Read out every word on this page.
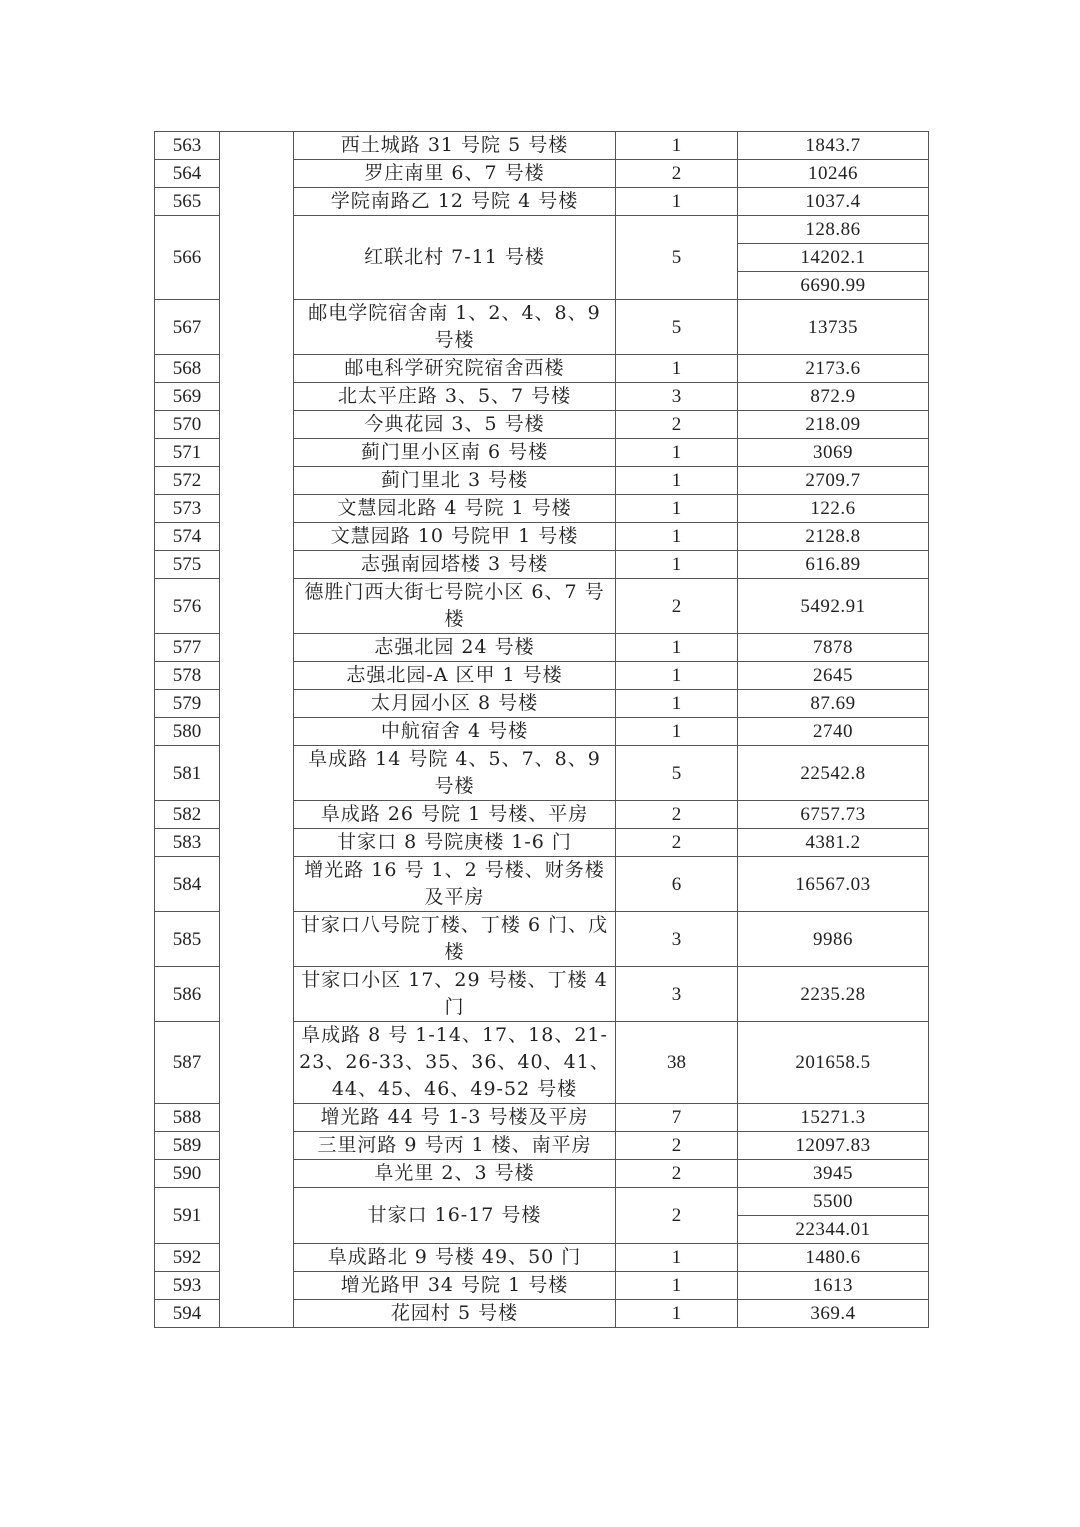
563		西土城路 31 号院 5 号楼	1	1843.7
564		罗庄南里 6、7 号楼	2	10246
565		学院南路乙 12 号院 4 号楼	1	1037.4
566		红联北村 7-11 号楼	5	128.86
				14202.1
				6690.99
567		邮电学院宿舍南 1、2、4、8、9 号楼	5	13735
568		邮电科学研究院宿舍西楼	1	2173.6
569		北太平庄路 3、5、7 号楼	3	872.9
570		今典花园 3、5 号楼	2	218.09
571		蓟门里小区南 6 号楼	1	3069
572		蓟门里北 3 号楼	1	2709.7
573		文慧园北路 4 号院 1 号楼	1	122.6
574		文慧园路 10 号院甲 1 号楼	1	2128.8
575		志强南园塔楼 3 号楼	1	616.89
576		德胜门西大街七号院小区 6、7 号楼	2	5492.91
577		志强北园 24 号楼	1	7878
578		志强北园-A 区甲 1 号楼	1	2645
579		太月园小区 8 号楼	1	87.69
580		中航宿舍 4 号楼	1	2740
581		阜成路 14 号院 4、5、7、8、9 号楼	5	22542.8
582		阜成路 26 号院 1 号楼、平房	2	6757.73
583		甘家口 8 号院庚楼 1-6 门	2	4381.2
584		增光路 16 号 1、2 号楼、财务楼及平房	6	16567.03
585		甘家口八号院丁楼、丁楼 6 门、戊楼	3	9986
586		甘家口小区 17、29 号楼、丁楼 4 门	3	2235.28
587		阜成路 8 号 1-14、17、18、21-23、26-33、35、36、40、41、44、45、46、49-52 号楼	38	201658.5
588		增光路 44 号 1-3 号楼及平房	7	15271.3
589		三里河路 9 号丙 1 楼、南平房	2	12097.83
590		阜光里 2、3 号楼	2	3945
591		甘家口 16-17 号楼	2	5500
				22344.01
592		阜成路北 9 号楼 49、50 门	1	1480.6
593		增光路甲 34 号院 1 号楼	1	1613
594		花园村 5 号楼	1	369.4
